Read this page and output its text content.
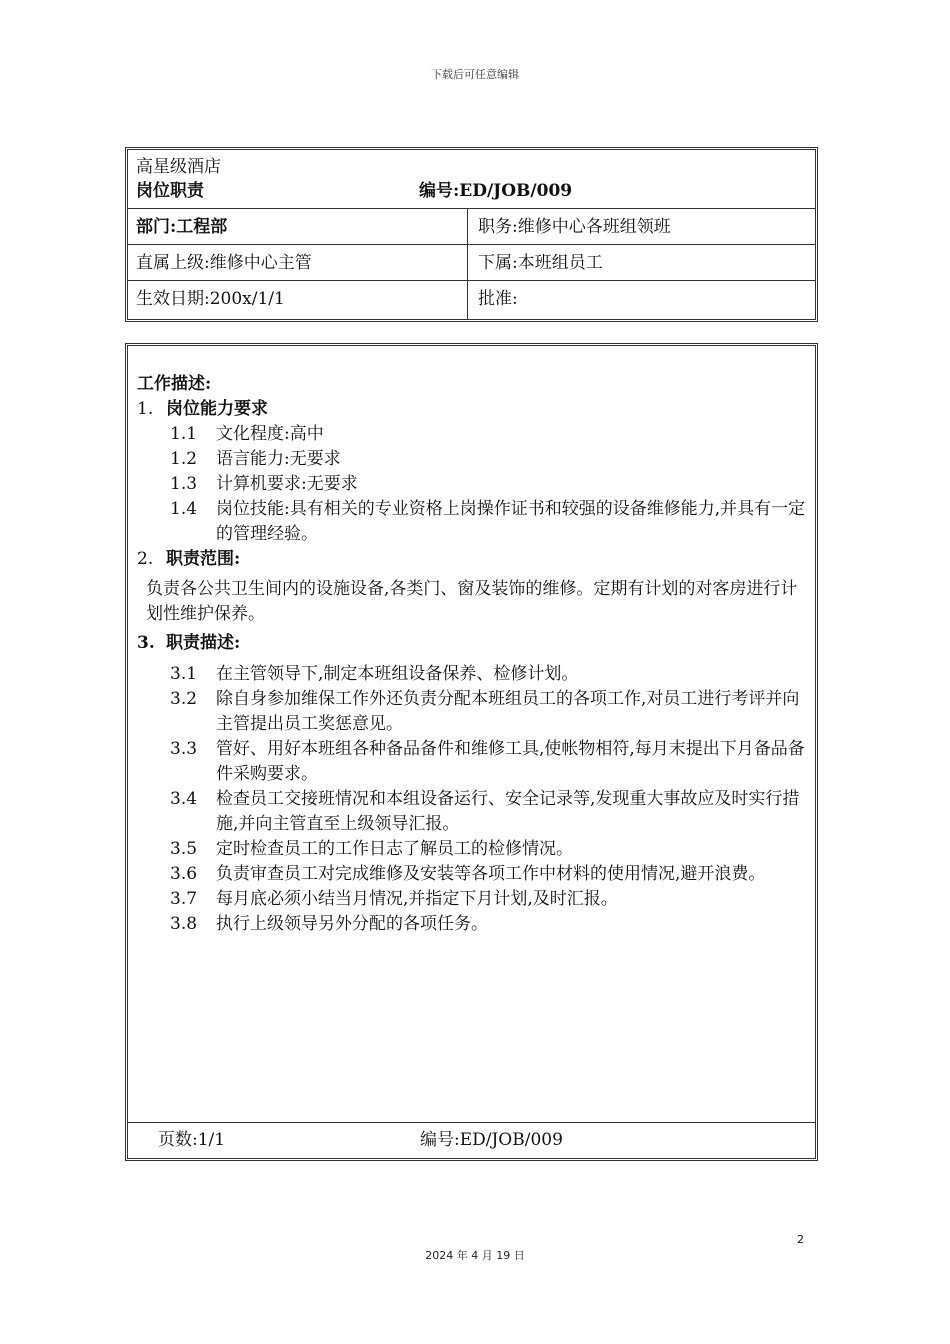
下载后可任意编辑
高星级酒店
岗位职责	编号:ED/JOB/009
部门:工程部	职务:维修中心各班组领班
直属上级:维修中心主管	下属:本班组员工
生效日期:200x/1/1	批准:
工作描述:
1. 岗位能力要求
1.1	文化程度:高中
1.2	语言能力:无要求
1.3	计算机要求:无要求
1.4	岗位技能:具有相关的专业资格上岗操作证书和较强的设备维修能力,并具有一定的管理经验。
2. 职责范围:
负责各公共卫生间内的设施设备,各类门、窗及装饰的维修。定期有计划的对客房进行计划性维护保养。
3. 职责描述:
3.1	在主管领导下,制定本班组设备保养、检修计划。
3.2	除自身参加维保工作外还负责分配本班组员工的各项工作,对员工进行考评并向主管提出员工奖惩意见。
3.3	管好、用好本班组各种备品备件和维修工具,使帐物相符,每月末提出下月备品备件采购要求。
3.4	检查员工交接班情况和本组设备运行、安全记录等,发现重大事故应及时实行措施,并向主管直至上级领导汇报。
3.5	定时检查员工的工作日志了解员工的检修情况。
3.6	负责审查员工对完成维修及安装等各项工作中材料的使用情况,避开浪费。
3.7	每月底必须小结当月情况,并指定下月计划,及时汇报。
3.8	执行上级领导另外分配的各项任务。
页数:1/1	编号:ED/JOB/009
2
2024 年 4 月 19 日
